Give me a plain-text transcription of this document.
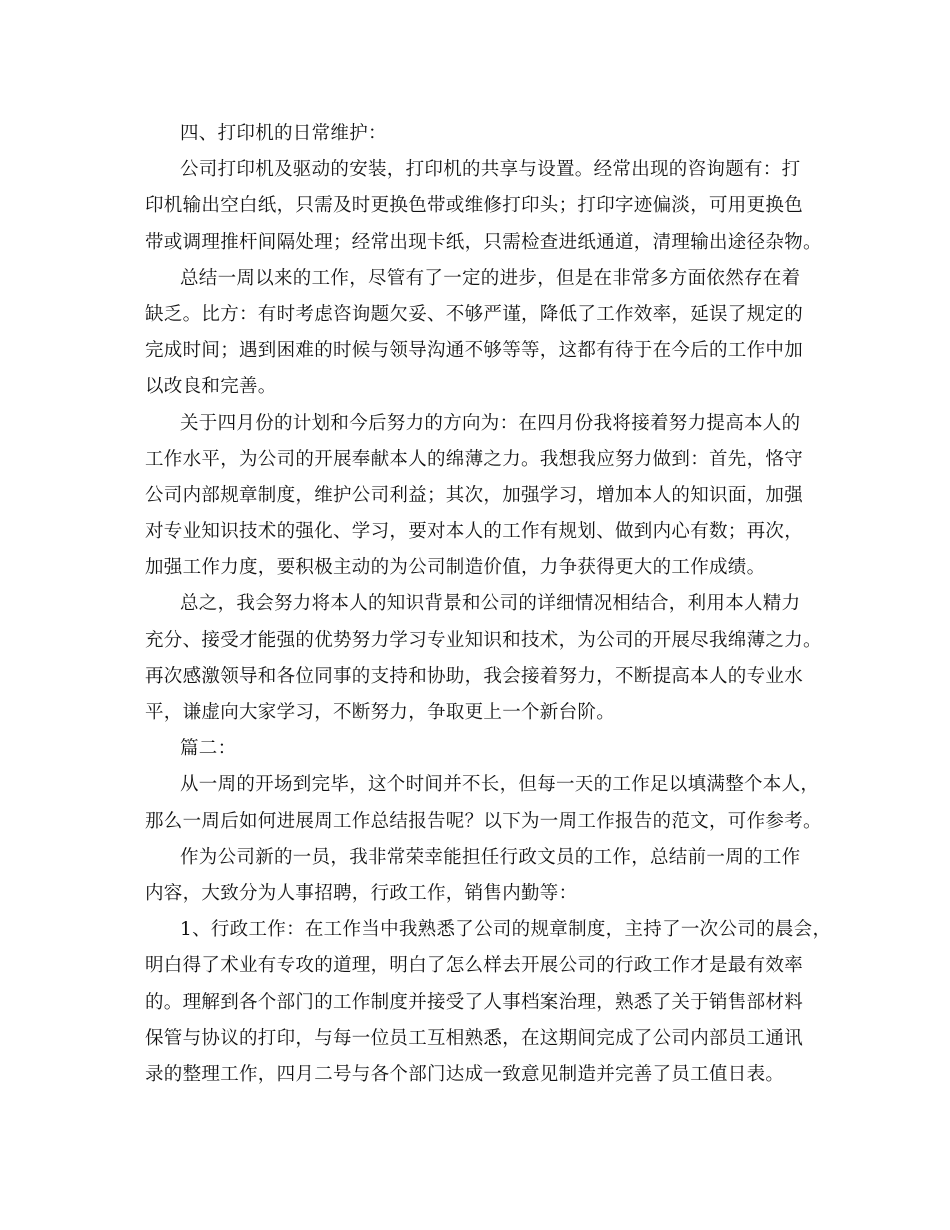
四、打印机的日常维护：
公司打印机及驱动的安装，打印机的共享与设置。经常出现的咨询题有：打
印机输出空白纸，只需及时更换色带或维修打印头；打印字迹偏淡，可用更换色
带或调理推杆间隔处理；经常出现卡纸，只需检查进纸通道，清理输出途径杂物。
总结一周以来的工作，尽管有了一定的进步，但是在非常多方面依然存在着
缺乏。比方：有时考虑咨询题欠妥、不够严谨，降低了工作效率，延误了规定的
完成时间；遇到困难的时候与领导沟通不够等等，这都有待于在今后的工作中加
以改良和完善。
关于四月份的计划和今后努力的方向为：在四月份我将接着努力提高本人的
工作水平，为公司的开展奉献本人的绵薄之力。我想我应努力做到：首先，恪守
公司内部规章制度，维护公司利益；其次，加强学习，增加本人的知识面，加强
对专业知识技术的强化、学习，要对本人的工作有规划、做到内心有数；再次，
加强工作力度，要积极主动的为公司制造价值，力争获得更大的工作成绩。
总之，我会努力将本人的知识背景和公司的详细情况相结合，利用本人精力
充分、接受才能强的优势努力学习专业知识和技术，为公司的开展尽我绵薄之力。
再次感激领导和各位同事的支持和协助，我会接着努力，不断提高本人的专业水
平，谦虚向大家学习，不断努力，争取更上一个新台阶。
篇二：
从一周的开场到完毕，这个时间并不长，但每一天的工作足以填满整个本人，
那么一周后如何进展周工作总结报告呢？以下为一周工作报告的范文，可作参考。
作为公司新的一员，我非常荣幸能担任行政文员的工作，总结前一周的工作
内容，大致分为人事招聘，行政工作，销售内勤等：
1、行政工作：在工作当中我熟悉了公司的规章制度，主持了一次公司的晨会，
明白得了术业有专攻的道理，明白了怎么样去开展公司的行政工作才是最有效率
的。理解到各个部门的工作制度并接受了人事档案治理，熟悉了关于销售部材料
保管与协议的打印，与每一位员工互相熟悉，在这期间完成了公司内部员工通讯
录的整理工作，四月二号与各个部门达成一致意见制造并完善了员工值日表。
